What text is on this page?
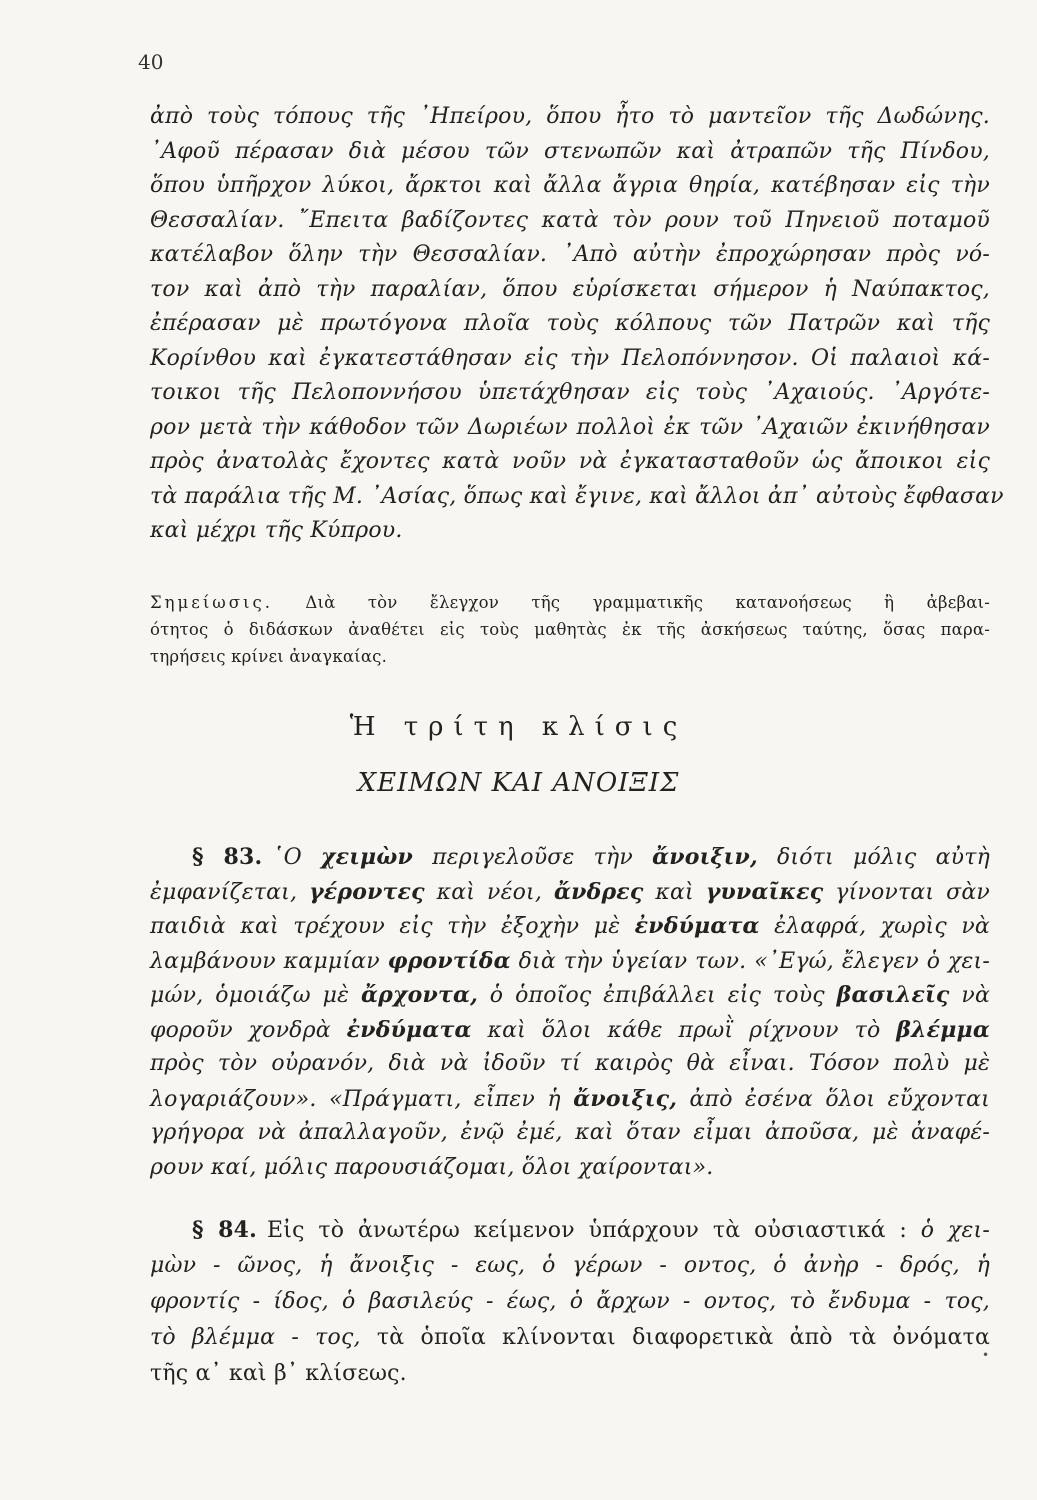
40
ἀπὸ τοὺς τόπους τῆς ᾿Ηπείρου, ὅπου ἦτο τὸ μαντεῖον τῆς Δωδώνης.
᾿Αφοῦ πέρασαν διὰ μέσου τῶν στενωπῶν καὶ ἀτραπῶν τῆς Πίνδου,
ὅπου ὑπῆρχον λύκοι, ἄρκτοι καὶ ἄλλα ἄγρια θηρία, κατέβησαν εἰς τὴν
Θεσσαλίαν. ῎Επειτα βαδίζοντες κατὰ τὸν ρουν τοῦ Πηνειοῦ ποταμοῦ
κατέλαβον ὅλην τὴν Θεσσαλίαν. ᾿Απὸ αὐτὴν ἐπροχώρησαν πρὸς νό-
τον καὶ ἀπὸ τὴν παραλίαν, ὅπου εὑρίσκεται σήμερον ἡ Ναύπακτος,
ἐπέρασαν μὲ πρωτόγονα πλοῖα τοὺς κόλπους τῶν Πατρῶν καὶ τῆς
Κορίνθου καὶ ἐγκατεστάθησαν εἰς τὴν Πελοπόννησον. Οἱ παλαιοὶ κά-
τοικοι τῆς Πελοποννήσου ὑπετάχθησαν εἰς τοὺς ᾿Αχαιούς. ᾿Αργότε-
ρον μετὰ τὴν κάθοδον τῶν Δωριέων πολλοὶ ἐκ τῶν ᾿Αχαιῶν ἐκινήθησαν
πρὸς ἀνατολὰς ἔχοντες κατὰ νοῦν νὰ ἐγκατασταθοῦν ὡς ἄποικοι εἰς
τὰ παράλια τῆς Μ. ᾿Ασίας, ὅπως καὶ ἔγινε, καὶ ἄλλοι ἀπ᾿ αὐτοὺς ἔφθασαν
καὶ μέχρι τῆς Κύπρου.
Σημείωσις. Διὰ τὸν ἔλεγχον τῆς γραμματικῆς κατανοήσεως ἢ ἀβεβαι-
ότητος ὁ διδάσκων ἀναθέτει εἰς τοὺς μαθητὰς ἐκ τῆς ἀσκήσεως ταύτης, ὅσας παρα-
τηρήσεις κρίνει ἀναγκαίας.
Ἡ τρίτη κλίσις
ΧΕΙΜΩΝ ΚΑΙ ΑΝΟΙΞΙΣ
§ 83. ῾Ο χειμὼν περιγελοῦσε τὴν ἄνοιξιν, διότι μόλις αὐτὴ
ἐμφανίζεται, γέροντες καὶ νέοι, ἄνδρες καὶ γυναῖκες γίνονται σὰν
παιδιὰ καὶ τρέχουν εἰς τὴν ἐξοχὴν μὲ ἐνδύματα ἐλαφρά, χωρὶς νὰ
λαμβάνουν καμμίαν φροντίδα διὰ τὴν ὑγείαν των. «᾿Εγώ, ἔλεγεν ὁ χει-
μών, ὁμοιάζω μὲ ἄρχοντα, ὁ ὁποῖος ἐπιβάλλει εἰς τοὺς βασιλεῖς νὰ
φοροῦν χονδρὰ ἐνδύματα καὶ ὅλοι κάθε πρωῒ ρίχνουν τὸ βλέμμα
πρὸς τὸν οὐρανόν, διὰ νὰ ἰδοῦν τί καιρὸς θὰ εἶναι. Τόσον πολὺ μὲ
λογαριάζουν». «Πράγματι, εἶπεν ἡ ἄνοιξις, ἀπὸ ἐσένα ὅλοι εὔχονται
γρήγορα νὰ ἀπαλλαγοῦν, ἐνῷ ἐμέ, καὶ ὅταν εἶμαι ἀποῦσα, μὲ ἀναφέ-
ρουν καί, μόλις παρουσιάζομαι, ὅλοι χαίρονται».
§ 84. Εἰς τὸ ἀνωτέρω κείμενον ὑπάρχουν τὰ οὐσιαστικά : ὁ χει-
μὼν - ῶνος, ἡ ἄνοιξις - εως, ὁ γέρων - οντος, ὁ ἀνὴρ - δρός, ἡ
φροντίς - ίδος, ὁ βασιλεύς - έως, ὁ ἄρχων - οντος, τὸ ἔνδυμα - τος,
τὸ βλέμμα - τος, τὰ ὁποῖα κλίνονται διαφορετικὰ ἀπὸ τὰ ὀνόματα
τῆς α᾿ καὶ β᾿ κλίσεως.
•
